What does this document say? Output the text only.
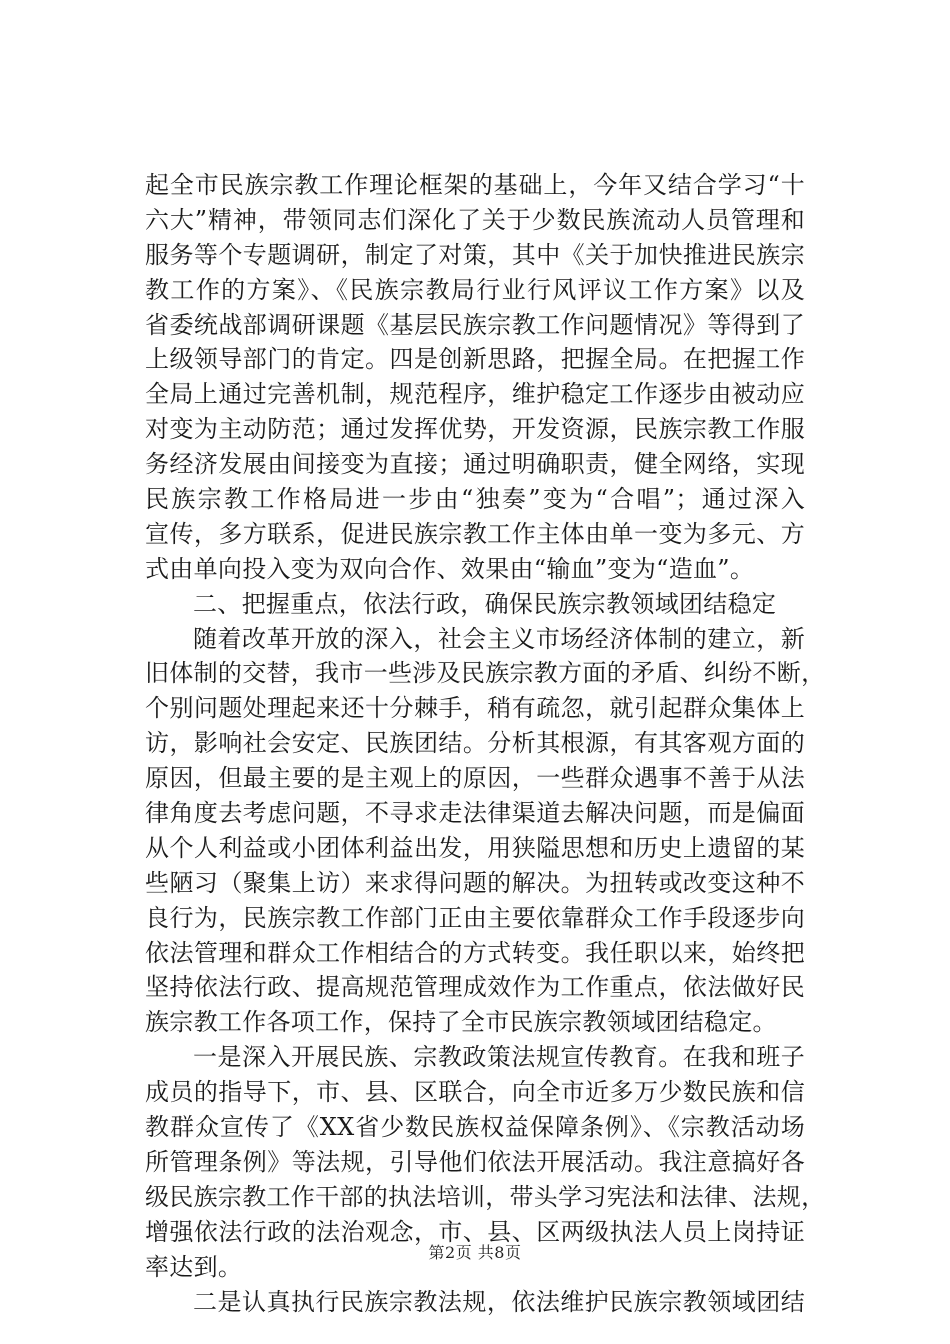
起全市民族宗教工作理论框架的基础上，今年又结合学习“十
六大”精神，带领同志们深化了关于少数民族流动人员管理和
服务等个专题调研，制定了对策，其中《关于加快推进民族宗
教工作的方案》、《民族宗教局行业行风评议工作方案》以及
省委统战部调研课题《基层民族宗教工作问题情况》等得到了
上级领导部门的肯定。四是创新思路，把握全局。在把握工作
全局上通过完善机制，规范程序，维护稳定工作逐步由被动应
对变为主动防范；通过发挥优势，开发资源，民族宗教工作服
务经济发展由间接变为直接；通过明确职责，健全网络，实现
民族宗教工作格局进一步由“独奏”变为“合唱”；通过深入
宣传，多方联系，促进民族宗教工作主体由单一变为多元、方
式由单向投入变为双向合作、效果由“输血”变为“造血”。
二、把握重点，依法行政，确保民族宗教领域团结稳定
随着改革开放的深入，社会主义市场经济体制的建立，新
旧体制的交替，我市一些涉及民族宗教方面的矛盾、纠纷不断，
个别问题处理起来还十分棘手，稍有疏忽，就引起群众集体上
访，影响社会安定、民族团结。分析其根源，有其客观方面的
原因，但最主要的是主观上的原因，一些群众遇事不善于从法
律角度去考虑问题，不寻求走法律渠道去解决问题，而是偏面
从个人利益或小团体利益出发，用狭隘思想和历史上遗留的某
些陋习（聚集上访）来求得问题的解决。为扭转或改变这种不
良行为，民族宗教工作部门正由主要依靠群众工作手段逐步向
依法管理和群众工作相结合的方式转变。我任职以来，始终把
坚持依法行政、提高规范管理成效作为工作重点，依法做好民
族宗教工作各项工作，保持了全市民族宗教领域团结稳定。
一是深入开展民族、宗教政策法规宣传教育。在我和班子
成员的指导下，市、县、区联合，向全市近多万少数民族和信
教群众宣传了《XX省少数民族权益保障条例》、《宗教活动场
所管理条例》等法规，引导他们依法开展活动。我注意搞好各
级民族宗教工作干部的执法培训，带头学习宪法和法律、法规，
增强依法行政的法治观念，市、县、区两级执法人员上岗持证
率达到。
二是认真执行民族宗教法规，依法维护民族宗教领域团结
第2页 共8页
